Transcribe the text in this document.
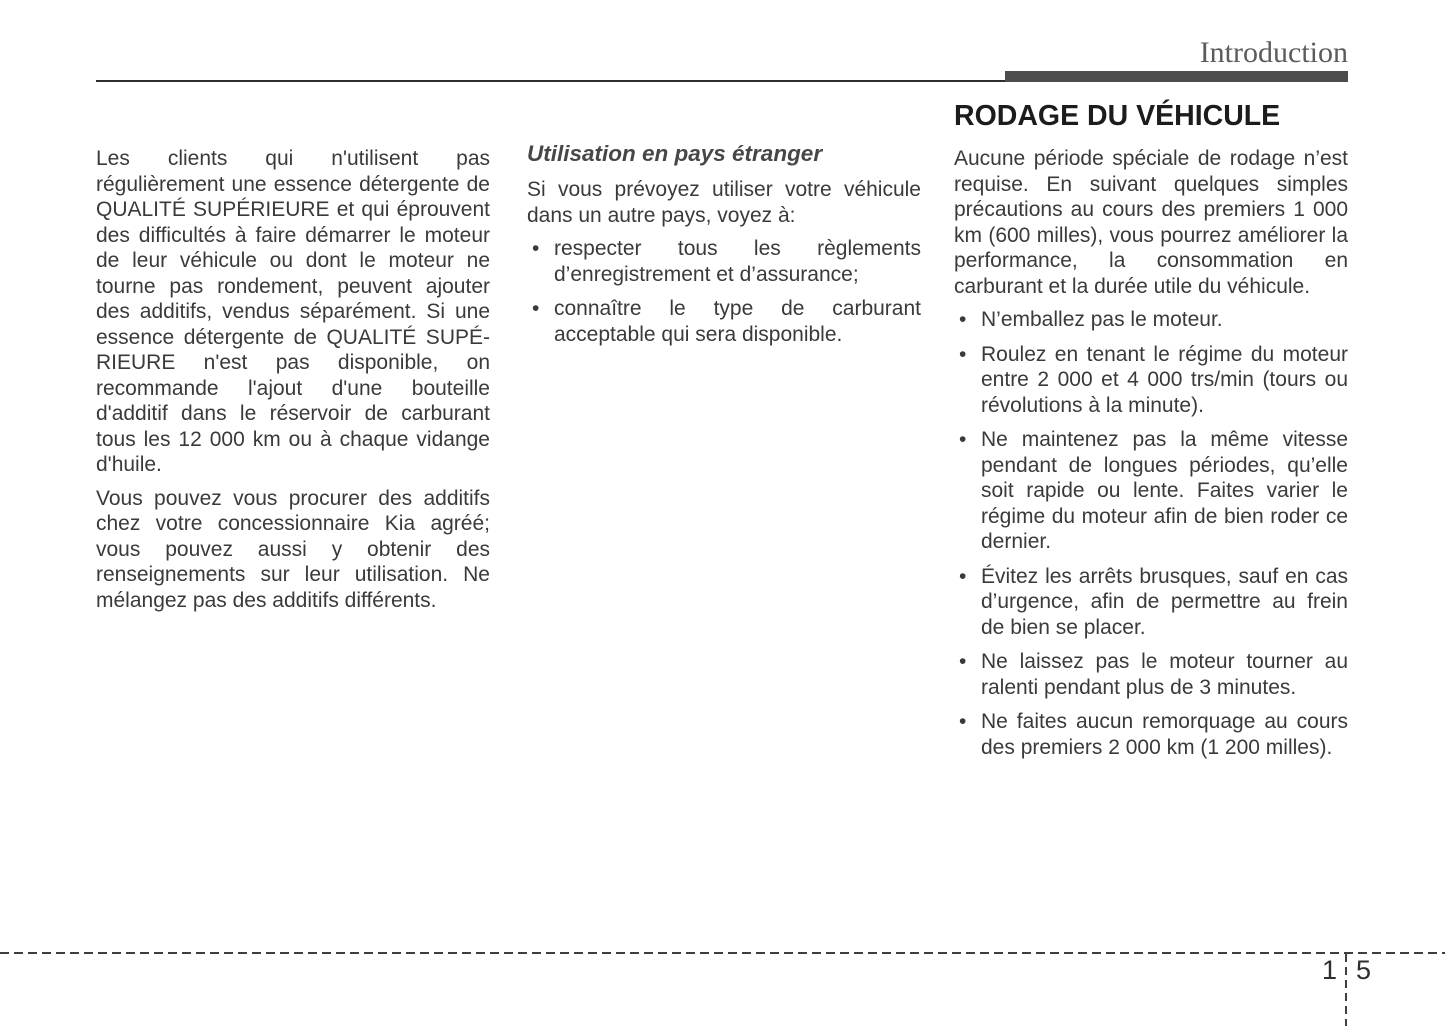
Introduction

Les clients qui n'utilisent pas régulièrement une essence détergente de QUALITÉ SUPÉRIEURE et qui éprouvent des difficultés à faire démarrer le moteur de leur véhicule ou dont le moteur ne tourne pas rondement, peuvent ajouter des additifs, vendus séparément. Si une essence détergente de QUALITÉ SUPÉRIEURE n'est pas disponible, on recommande l'ajout d'une bouteille d'additif dans le réservoir de carburant tous les 12 000 km ou à chaque vidange d'huile.

Vous pouvez vous procurer des additifs chez votre concessionnaire Kia agréé; vous pouvez aussi y obtenir des renseignements sur leur utilisation. Ne mélangez pas des additifs différents.

Utilisation en pays étranger

Si vous prévoyez utiliser votre véhicule dans un autre pays, voyez à:

• respecter tous les règlements d’enregistrement et d’assurance;
• connaître le type de carburant acceptable qui sera disponible.
RODAGE DU VÉHICULE

Aucune période spéciale de rodage n’est requise. En suivant quelques simples précautions au cours des premiers 1 000 km (600 milles), vous pourrez améliorer la performance, la consommation en carburant et la durée utile du véhicule.

• N’emballez pas le moteur.
• Roulez en tenant le régime du moteur entre 2 000 et 4 000 trs/min (tours ou révolutions à la minute).
• Ne maintenez pas la même vitesse pendant de longues périodes, qu’elle soit rapide ou lente. Faites varier le régime du moteur afin de bien roder ce dernier.
• Évitez les arrêts brusques, sauf en cas d’urgence, afin de permettre au frein de bien se placer.
• Ne laissez pas le moteur tourner au ralenti pendant plus de 3 minutes.
• Ne faites aucun remorquage au cours des premiers 2 000 km (1 200 milles).
1 5
